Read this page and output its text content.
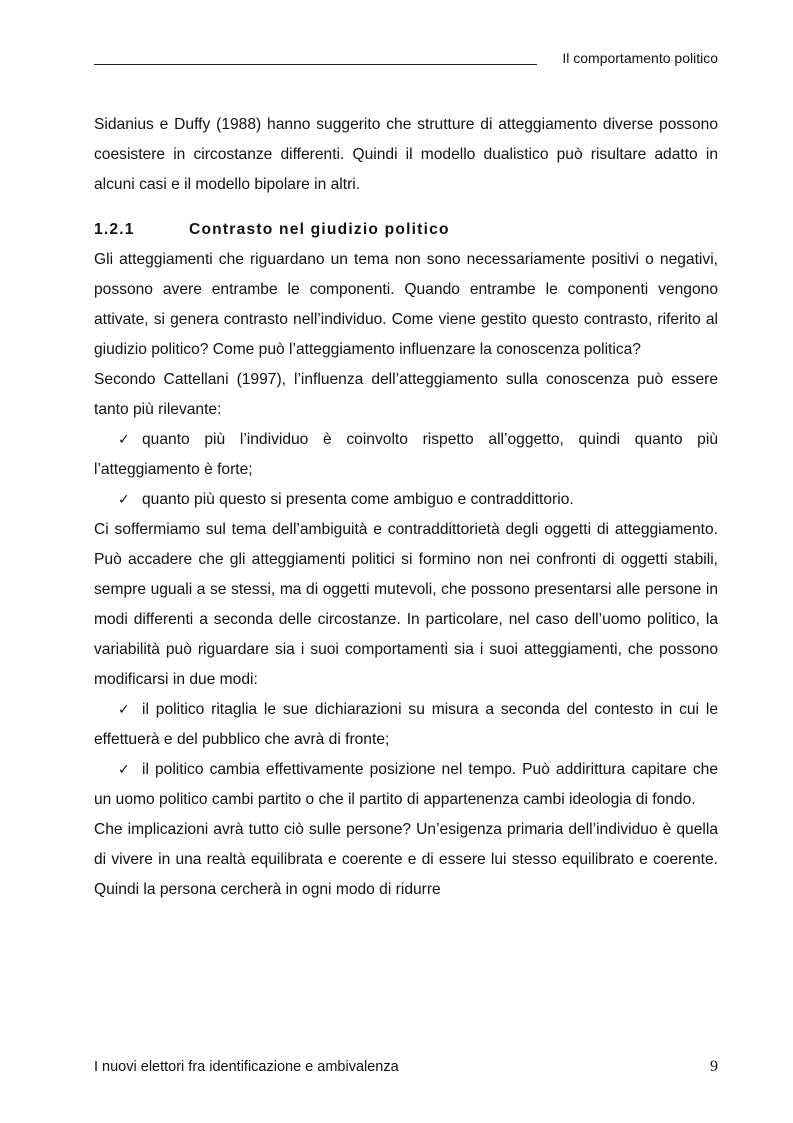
Il comportamento politico

Sidanius e Duffy (1988) hanno suggerito che strutture di atteggiamento diverse possono coesistere in circostanze differenti. Quindi il modello dualistico può risultare adatto in alcuni casi e il modello bipolare in altri.

1.2.1	Contrasto nel giudizio politico

Gli atteggiamenti che riguardano un tema non sono necessariamente positivi o negativi, possono avere entrambe le componenti. Quando entrambe le componenti vengono attivate, si genera contrasto nell’individuo. Come viene gestito questo contrasto, riferito al giudizio politico? Come può l’atteggiamento influenzare la conoscenza politica?

Secondo Cattellani (1997), l’influenza dell’atteggiamento sulla conoscenza può essere tanto più rilevante:

✓ quanto più l’individuo è coinvolto rispetto all’oggetto, quindi quanto più l’atteggiamento è forte;

✓ quanto più questo si presenta come ambiguo e contraddittorio.

Ci soffermiamo sul tema dell’ambiguità e contraddittorietà degli oggetti di atteggiamento. Può accadere che gli atteggiamenti politici si formino non nei confronti di oggetti stabili, sempre uguali a se stessi, ma di oggetti mutevoli, che possono presentarsi alle persone in modi differenti a seconda delle circostanze. In particolare, nel caso dell’uomo politico, la variabilità può riguardare sia i suoi comportamenti sia i suoi atteggiamenti, che possono modificarsi in due modi:

✓ il politico ritaglia le sue dichiarazioni su misura a seconda del contesto in cui le effettuerà e del pubblico che avrà di fronte;

✓ il politico cambia effettivamente posizione nel tempo. Può addirittura capitare che un uomo politico cambi partito o che il partito di appartenenza cambi ideologia di fondo.

Che implicazioni avrà tutto ciò sulle persone? Un’esigenza primaria dell’individuo è quella di vivere in una realtà equilibrata e coerente e di essere lui stesso equilibrato e coerente. Quindi la persona cercherà in ogni modo di ridurre

I nuovi elettori fra identificazione e ambivalenza	9
